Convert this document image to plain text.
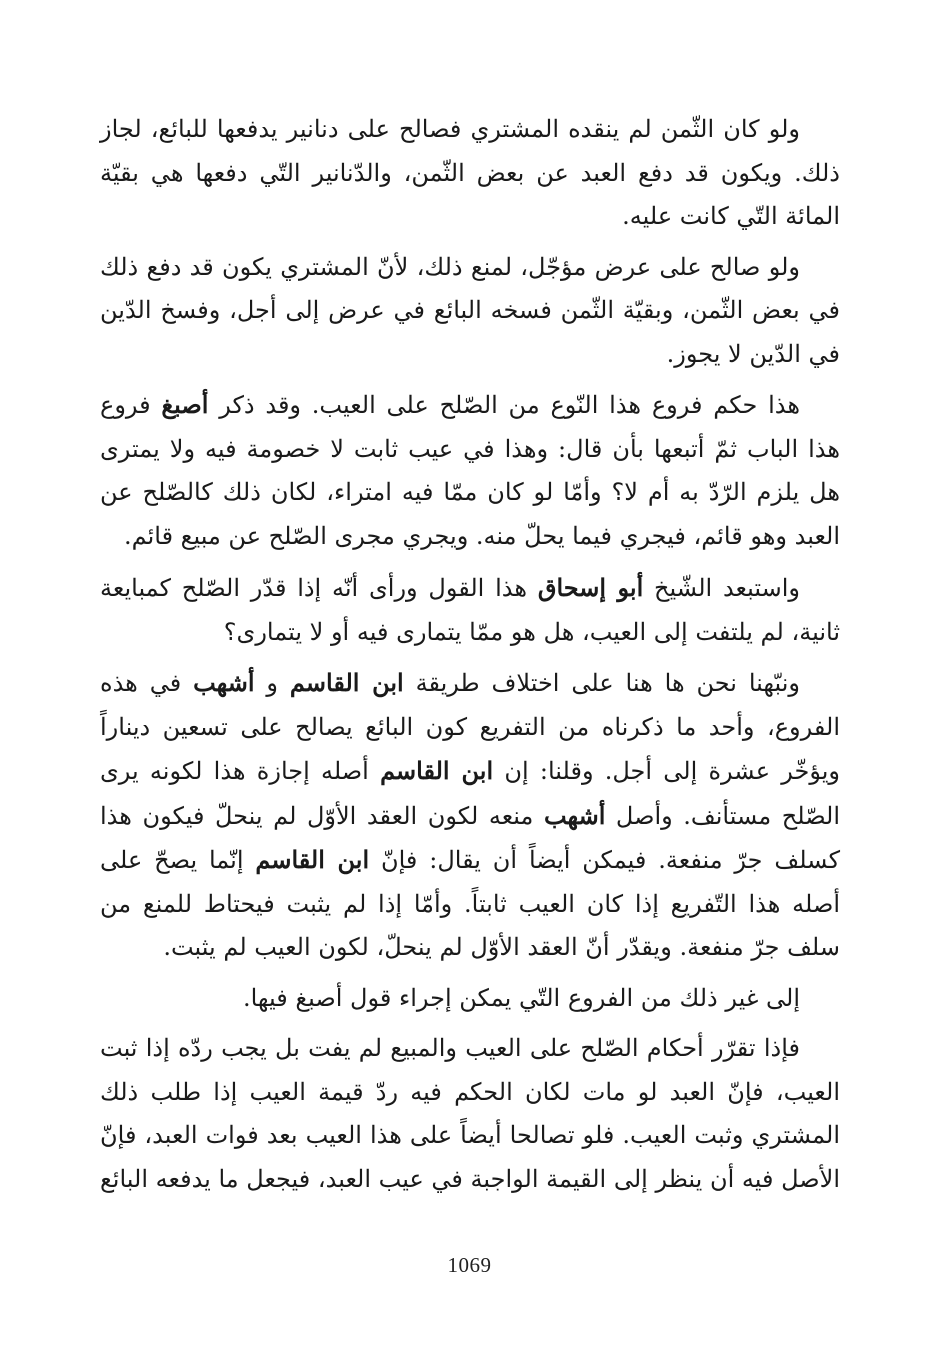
ولو كان الثّمن لم ينقده المشتري فصالح على دنانير يدفعها للبائع، لجاز ذلك. ويكون قد دفع العبد عن بعض الثّمن، والدّنانير التّي دفعها هي بقيّة المائة التّي كانت عليه.

ولو صالح على عرض مؤجّل، لمنع ذلك، لأنّ المشتري يكون قد دفع ذلك في بعض الثّمن، وبقيّة الثّمن فسخه البائع في عرض إلى أجل، وفسخ الدّين في الدّين لا يجوز.

هذا حكم فروع هذا النّوع من الصّلح على العيب. وقد ذكر أصبغ فروع هذا الباب ثمّ أتبعها بأن قال: وهذا في عيب ثابت لا خصومة فيه ولا يمترى هل يلزم الرّدّ به أم لا؟ وأمّا لو كان ممّا فيه امتراء، لكان ذلك كالصّلح عن العبد وهو قائم، فيجري فيما يحلّ منه. ويجري مجرى الصّلح عن مبيع قائم.

واستبعد الشّيخ أبو إسحاق هذا القول ورأى أنّه إذا قدّر الصّلح كمبايعة ثانية، لم يلتفت إلى العيب، هل هو ممّا يتمارى فيه أو لا يتمارى؟

ونبّهنا نحن ها هنا على اختلاف طريقة ابن القاسم و أشهب في هذه الفروع، وأحد ما ذكرناه من التفريع كون البائع يصالح على تسعين ديناراً ويؤخّر عشرة إلى أجل. وقلنا: إن ابن القاسم أصله إجازة هذا لكونه يرى الصّلح مستأنف. وأصل أشهب منعه لكون العقد الأوّل لم ينحلّ فيكون هذا كسلف جرّ منفعة. فيمكن أيضاً أن يقال: فإنّ ابن القاسم إنّما يصحّ على أصله هذا التّفريع إذا كان العيب ثابتاً. وأمّا إذا لم يثبت فيحتاط للمنع من سلف جرّ منفعة. ويقدّر أنّ العقد الأوّل لم ينحلّ، لكون العيب لم يثبت.

إلى غير ذلك من الفروع التّي يمكن إجراء قول أصبغ فيها.

فإذا تقرّر أحكام الصّلح على العيب والمبيع لم يفت بل يجب ردّه إذا ثبت العيب، فإنّ العبد لو مات لكان الحكم فيه ردّ قيمة العيب إذا طلب ذلك المشتري وثبت العيب. فلو تصالحا أيضاً على هذا العيب بعد فوات العبد، فإنّ الأصل فيه أن ينظر إلى القيمة الواجبة في عيب العبد، فيجعل ما يدفعه البائع

1069
